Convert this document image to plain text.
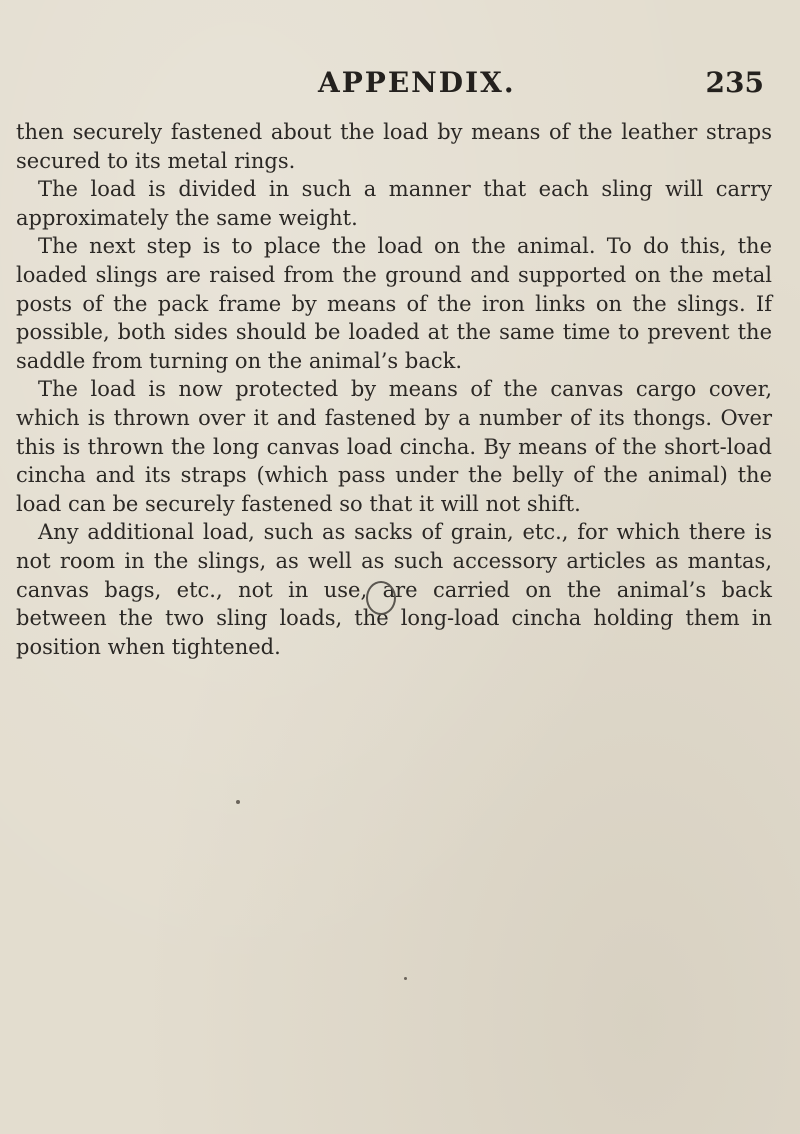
APPENDIX.	235

then securely fastened about the load by means of the leather straps secured to its metal rings.

The load is divided in such a manner that each sling will carry approximately the same weight.

The next step is to place the load on the animal. To do this, the loaded slings are raised from the ground and supported on the metal posts of the pack frame by means of the iron links on the slings. If possible, both sides should be loaded at the same time to prevent the saddle from turning on the animal’s back.

The load is now protected by means of the canvas cargo cover, which is thrown over it and fastened by a number of its thongs. Over this is thrown the long canvas load cincha. By means of the short-load cincha and its straps (which pass under the belly of the animal) the load can be securely fastened so that it will not shift.

Any additional load, such as sacks of grain, etc., for which there is not room in the slings, as well as such accessory articles as mantas, canvas bags, etc., not in use, are carried on the animal’s back between the two sling loads, the long-load cincha holding them in position when tightened.
